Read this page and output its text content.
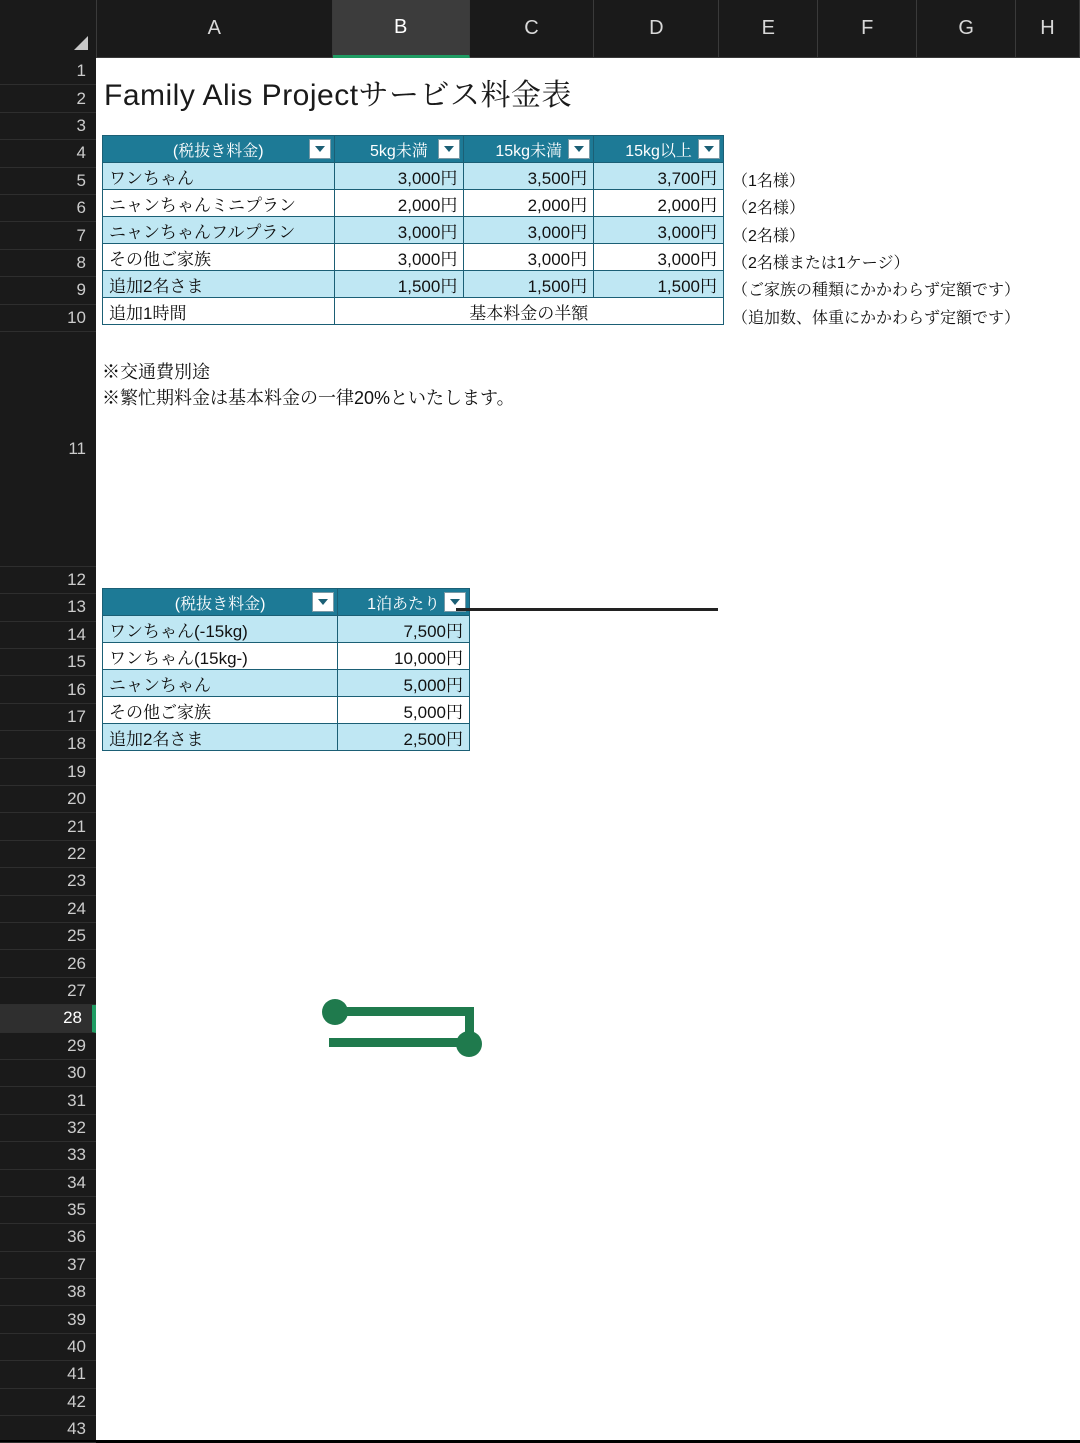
A	B	C	D	E	F	G	H
1
2
3
4
5
6
7
8
9
10
11
12
13
14
15
16
17
18
19
20
21
22
23
24
25
26
27
28
29
30
31
32
33
34
35
36
37
38
39
40
41
42
43
Family Alis Projectサービス料金表
(税抜き料金)	5kg未満	15kg未満	15kg以上

ワンちゃん	3,000円	3,500円	3,700円
ニャンちゃんミニプラン	2,000円	2,000円	2,000円
ニャンちゃんフルプラン	3,000円	3,000円	3,000円
その他ご家族	3,000円	3,000円	3,000円
追加2名さま	1,500円	1,500円	1,500円
追加1時間	基本料金の半額		
（1名様）
（2名様）
（2名様）
（2名様または1ケージ）
（ご家族の種類にかかわらず定額です）
（追加数、体重にかかわらず定額です）
※交通費別途
※繁忙期料金は基本料金の一律20%といたします。
(税抜き料金)	1泊あたり

ワンちゃん(-15kg)	7,500円
ワンちゃん(15kg-)	10,000円
ニャンちゃん	5,000円
その他ご家族	5,000円
追加2名さま	2,500円
